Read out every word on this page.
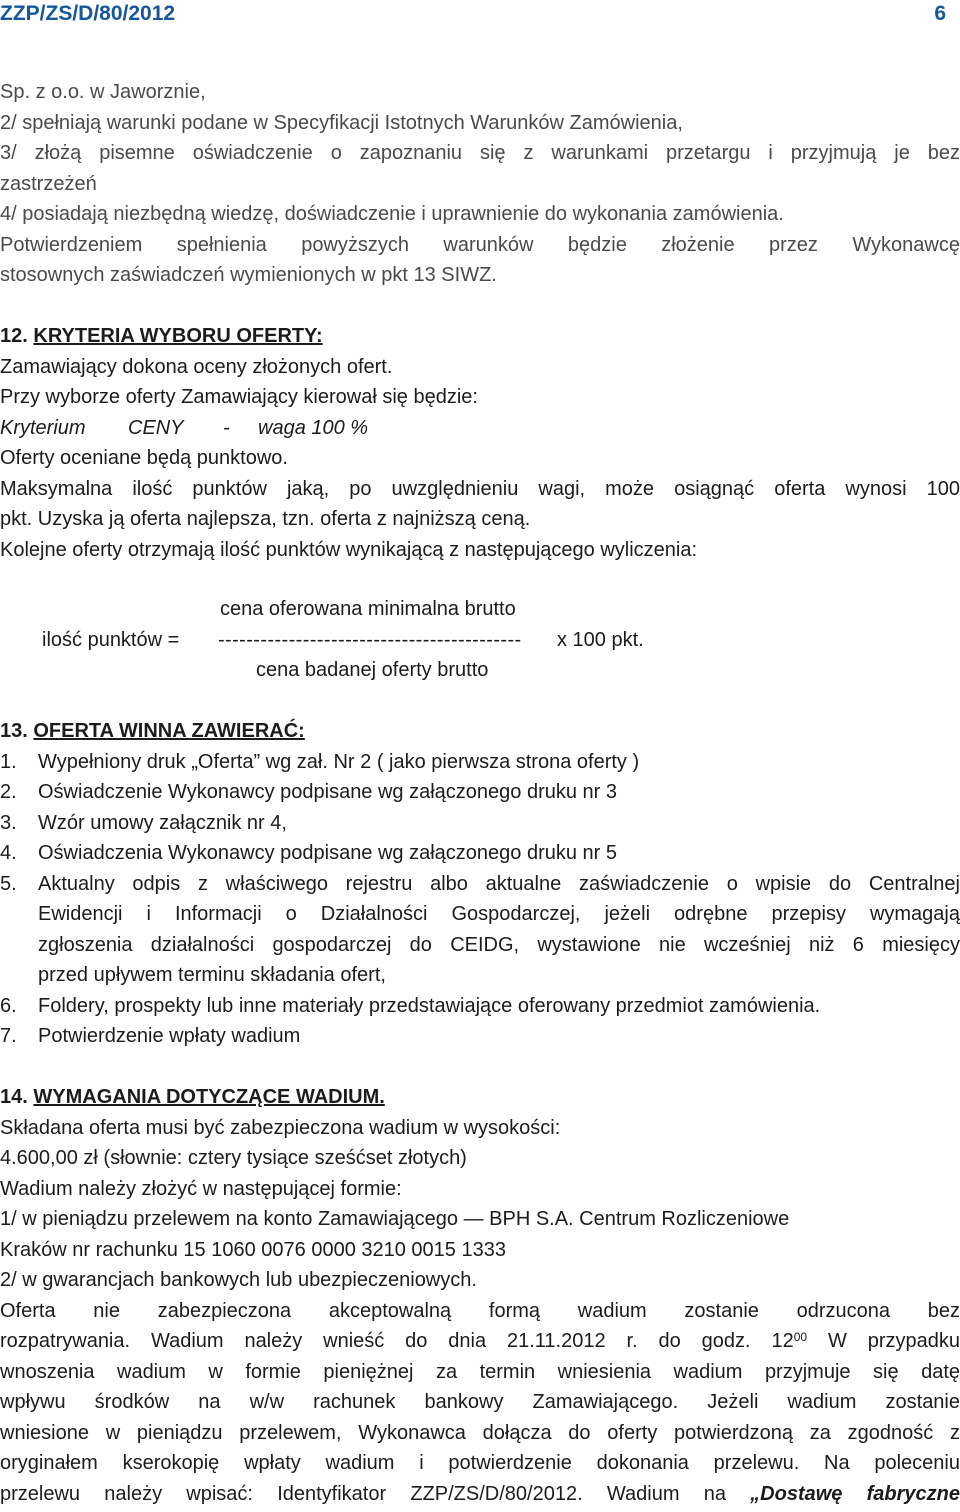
ZZP/ZS/D/80/2012	6
Sp. z o.o. w Jaworznie,
2/ spełniają warunki podane w Specyfikacji Istotnych Warunków Zamówienia,
3/ złożą pisemne oświadczenie o zapoznaniu się z warunkami przetargu i przyjmują je bez
zastrzeżeń
4/ posiadają niezbędną wiedzę, doświadczenie i uprawnienie do wykonania zamówienia.
Potwierdzeniem spełnienia powyższych warunków będzie złożenie przez Wykonawcę
stosownych zaświadczeń wymienionych w pkt 13 SIWZ.
12. KRYTERIA WYBORU OFERTY:
Zamawiający dokona oceny złożonych ofert.
Przy wyborze oferty Zamawiający kierował się będzie:
Kryterium CENY - waga 100 %
Oferty oceniane będą punktowo.
Maksymalna ilość punktów jaką, po uwzględnieniu wagi, może osiągnąć oferta wynosi 100
pkt. Uzyska ją oferta najlepsza, tzn. oferta z najniższą ceną.
Kolejne oferty otrzymają ilość punktów wynikającą z następującego wyliczenia:
cena oferowana minimalna brutto
ilość punktów = ------------------------------------------- x 100 pkt.
cena badanej oferty brutto
13. OFERTA WINNA ZAWIERAĆ:
1.	Wypełniony druk „Oferta” wg zał. Nr 2 ( jako pierwsza strona oferty )
2.	Oświadczenie Wykonawcy podpisane wg załączonego druku nr 3
3.	Wzór umowy załącznik nr 4,
4.	Oświadczenia Wykonawcy podpisane wg załączonego druku nr 5
5.	Aktualny odpis z właściwego rejestru albo aktualne zaświadczenie o wpisie do Centralnej
Ewidencji i Informacji o Działalności Gospodarczej, jeżeli odrębne przepisy wymagają
zgłoszenia działalności gospodarczej do CEIDG, wystawione nie wcześniej niż 6 miesięcy
przed upływem terminu składania ofert,
6.	Foldery, prospekty lub inne materiały przedstawiające oferowany przedmiot zamówienia.
7.	Potwierdzenie wpłaty wadium
14. WYMAGANIA DOTYCZĄCE WADIUM.
Składana oferta musi być zabezpieczona wadium w wysokości:
4.600,00 zł (słownie: cztery tysiące sześćset złotych)
Wadium należy złożyć w następującej formie:
1/ w pieniądzu przelewem na konto Zamawiającego — BPH S.A. Centrum Rozliczeniowe
Kraków nr rachunku 15 1060 0076 0000 3210 0015 1333
2/ w gwarancjach bankowych lub ubezpieczeniowych.
Oferta nie zabezpieczona akceptowalną formą wadium zostanie odrzucona bez
rozpatrywania. Wadium należy wnieść do dnia 21.11.2012 r. do godz. $12^{00}$ W przypadku
wnoszenia wadium w formie pieniężnej za termin wniesienia wadium przyjmuje się datę
wpływu środków na w/w rachunek bankowy Zamawiającego. Jeżeli wadium zostanie
wniesione w pieniądzu przelewem, Wykonawca dołącza do oferty potwierdzoną za zgodność z
oryginałem kserokopię wpłaty wadium i potwierdzenie dokonania przelewu. Na poleceniu
przelewu należy wpisać: Identyfikator ZZP/ZS/D/80/2012. Wadium na „Dostawę fabryczne
